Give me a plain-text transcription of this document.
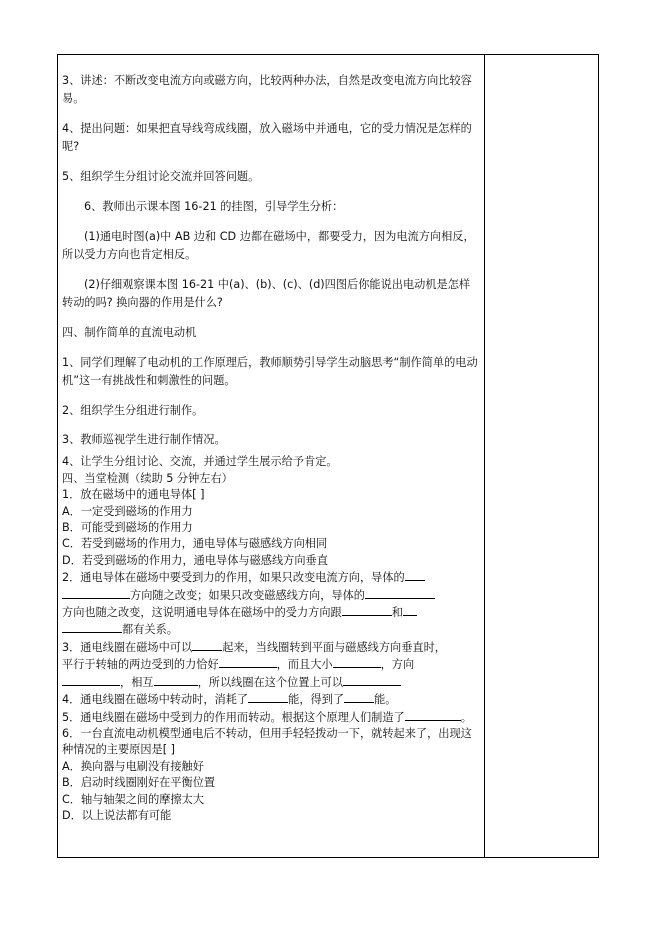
3、讲述：不断改变电流方向或磁方向，比较两种办法，自然是改变电流方向比较容易。

4、提出问题：如果把直导线弯成线圈，放入磁场中并通电，它的受力情况是怎样的呢?

5、组织学生分组讨论交流并回答问题。

6、教师出示课本图 16-21 的挂图，引导学生分析：

(1)通电时图(a)中 AB 边和 CD 边都在磁场中，都要受力，因为电流方向相反，所以受力方向也肯定相反。

(2)仔细观察课本图 16-21 中(a)、(b)、(c)、(d)四图后你能说出电动机是怎样转动的吗? 换向器的作用是什么?

四、制作简单的直流电动机

1、同学们理解了电动机的工作原理后，教师顺势引导学生动脑思考“制作简单的电动机”这一有挑战性和刺激性的问题。

2、组织学生分组进行制作。

3、教师巡视学生进行制作情况。

4、让学生分组讨论、交流，并通过学生展示给予肯定。

四、当堂检测（续助 5 分钟左右）

1．放在磁场中的通电导体[ ]

A．一定受到磁场的作用力

B．可能受到磁场的作用力

C．若受到磁场的作用力，通电导体与磁感线方向相同

D．若受到磁场的作用力，通电导体与磁感线方向垂直

2．通电导体在磁场中要受到力的作用，如果只改变电流方向，导体的
方向随之改变；如果只改变磁感线方向，导体的
方向也随之改变，这说明通电导体在磁场中的受力方向跟	和
都有关系。

3．通电线圈在磁场中可以	起来，当线圈转到平面与磁感线方向垂直时，
平行于转轴的两边受到的力恰好	，而且大小	，方向
，相互	，所以线圈在这个位置上可以

4．通电线圈在磁场中转动时，消耗了	能，得到了	能。

5．通电线圈在磁场中受到力的作用而转动。根据这个原理人们制造了	。

6．一台直流电动机模型通电后不转动，但用手轻轻拨动一下，就转起来了，出现这种情况的主要原因是[ ]

A．换向器与电刷没有接触好

B．启动时线圈刚好在平衡位置

C．轴与轴架之间的摩擦太大

D．以上说法都有可能
